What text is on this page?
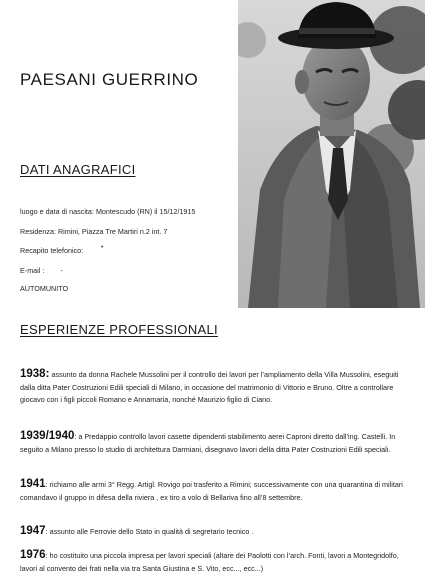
PAESANI GUERRINO
DATI ANAGRAFICI
luogo e data di nascita: Montescudo (RN) il 15/12/1915
Residenza: Rimini, Piazza Tre Martiri n.2 int. 7
Recapito telefonico:	•
E-mail : -
AUTOMUNITO
ESPERIENZE PROFESSIONALI
1938: assunto da donna Rachele Mussolini per il controllo dei lavori per l’ampliamento della Villa Mussolini, eseguiti dalla ditta Pater Costruzioni Edili speciali di Milano, in occasione del matrimonio di Vittorio e Bruno. Oltre a controllare giocavo con i figli piccoli Romano e Annamaria, nonché Maurizio figlio di Ciano.
1939/1940: a Predappio controllo lavori casette dipendenti stabilimento aerei Caproni diretto dall’ing. Castelli. In seguito a Milano presso lo studio di architettura Darmiani, disegnavo lavori della ditta Pater Costruzioni Edili speciali.
1941: richiamo alle armi 3° Regg. Artigl. Rovigo poi trasferito a Rimini; successivamente con una quarantina di militari comandavo il gruppo in difesa della riviera , ex tiro a volo di Bellariva fino all’8 settembre.
1947: assunto alle Ferrovie dello Stato in qualità di segretario tecnico .
1976: ho costituito una piccola impresa per lavori speciali (altare dei Paolotti con l’arch. Fonti, lavori a Montegridolfo, lavori al convento dei frati nella via tra Santa Giustina e S. Vito, ecc..., ecc...)
